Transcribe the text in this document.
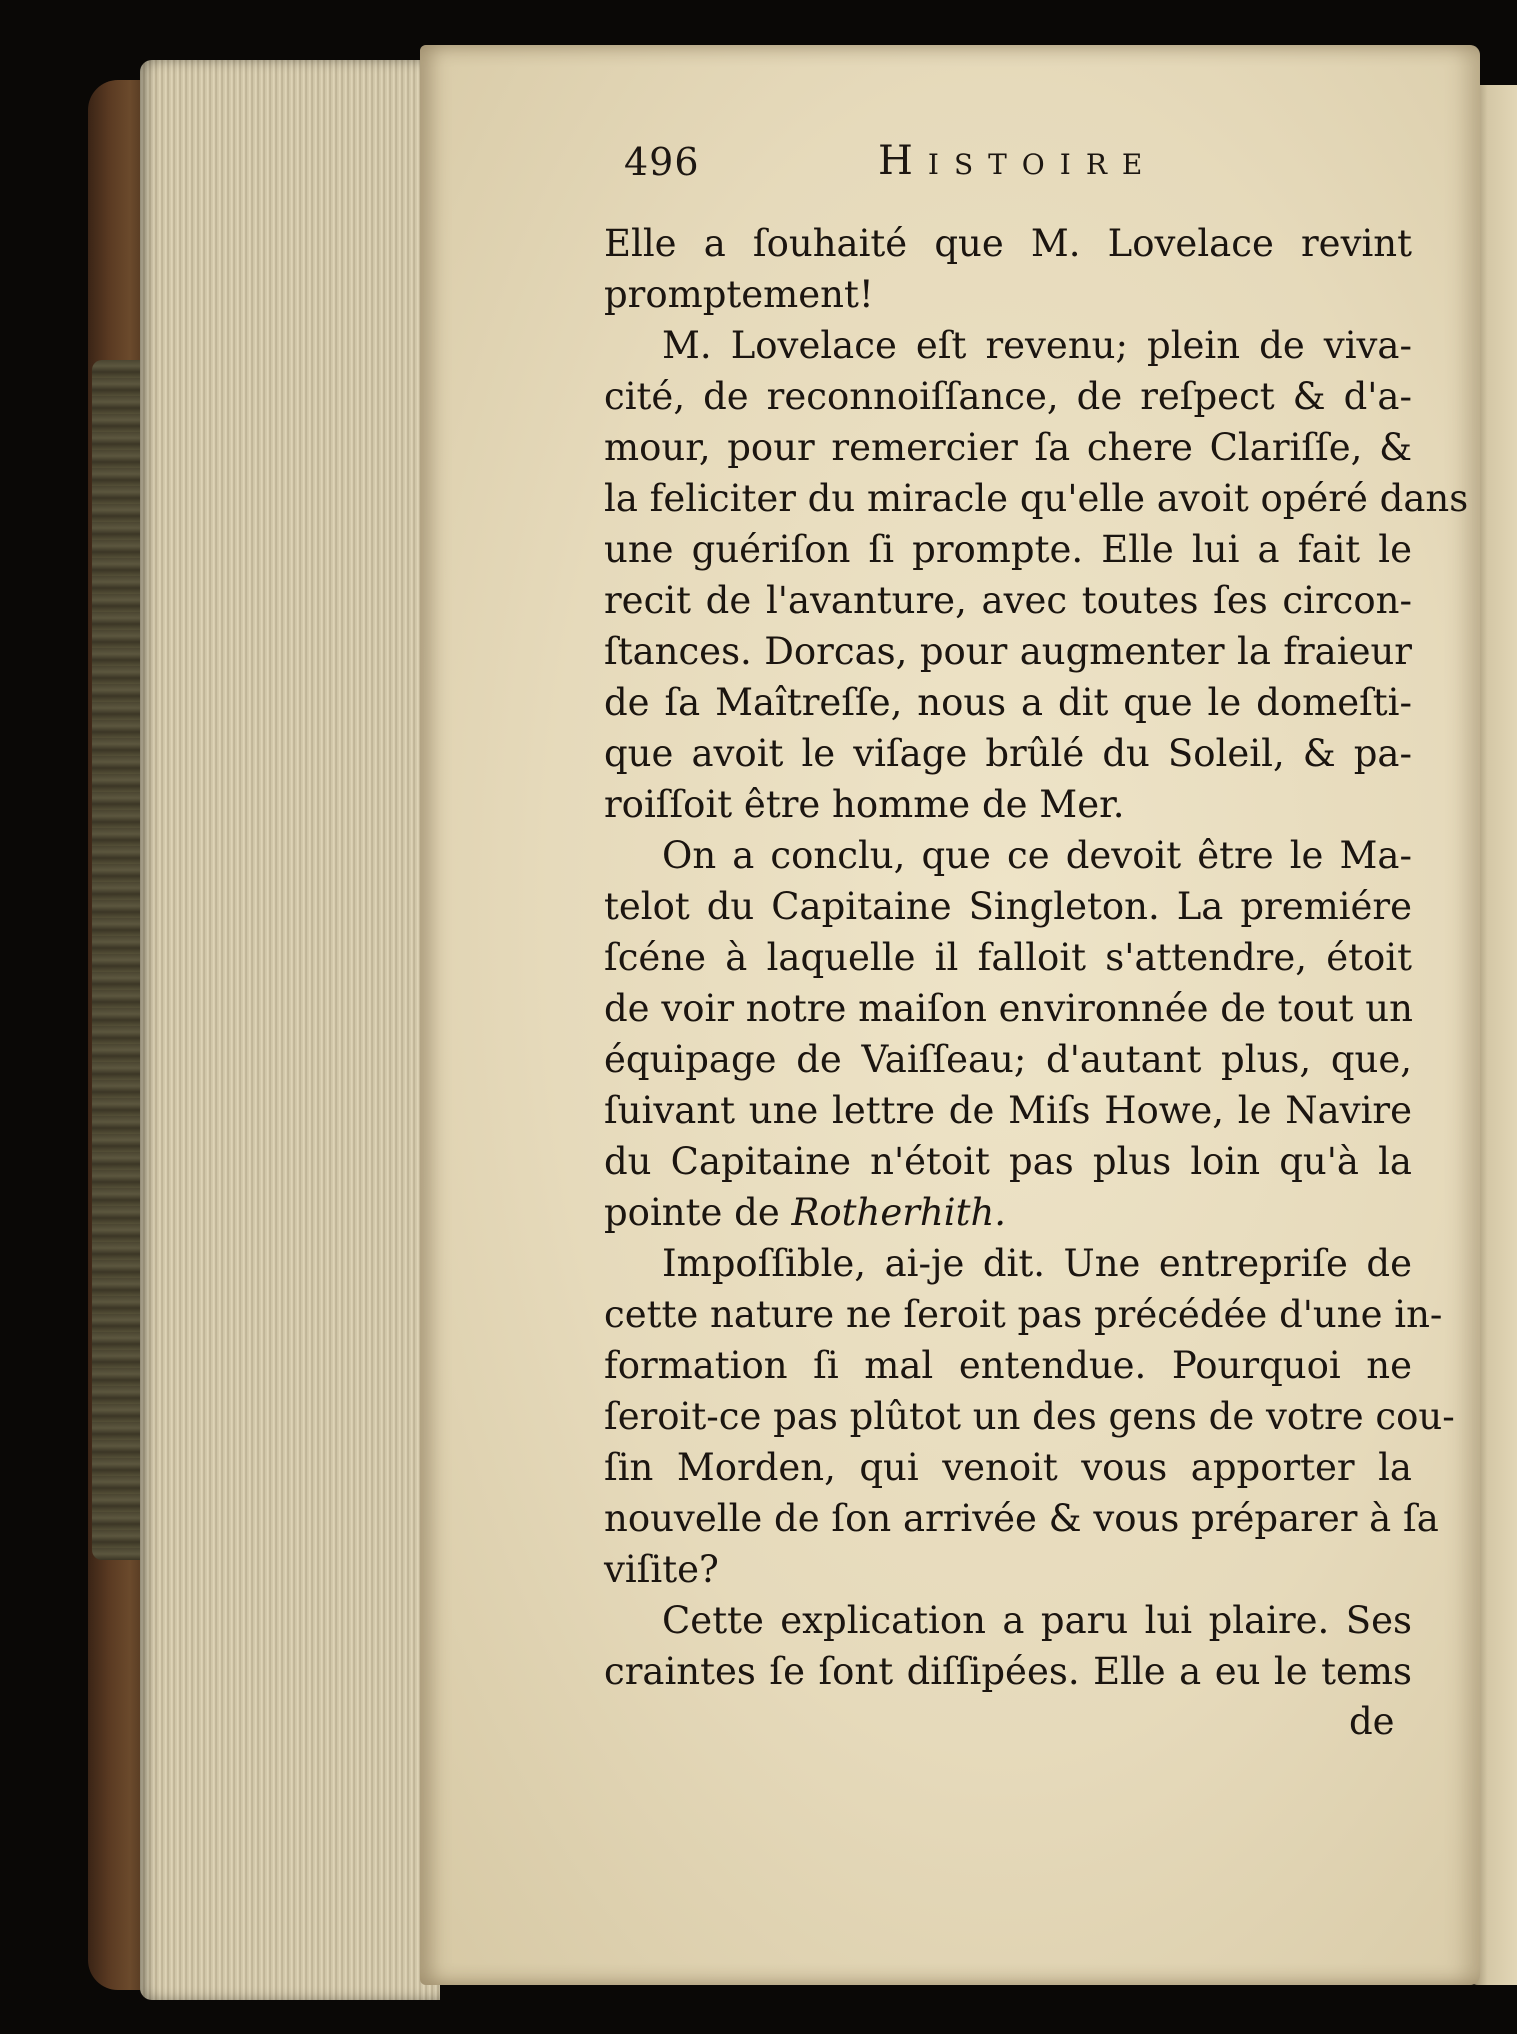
496	Histoire
Elle a ſouhaité que M. Lovelace revint
promptement!
M. Lovelace eſt revenu; plein de viva-
cité, de reconnoiſſance, de reſpect & d'a-
mour, pour remercier ſa chere Clariſſe, &
la feliciter du miracle qu'elle avoit opéré dans
une guériſon ſi prompte. Elle lui a fait le
recit de l'avanture, avec toutes ſes circon-
ſtances. Dorcas, pour augmenter la fraieur
de ſa Maîtreſſe, nous a dit que le domeſti-
que avoit le viſage brûlé du Soleil, & pa-
roiſſoit être homme de Mer.
On a conclu, que ce devoit être le Ma-
telot du Capitaine Singleton. La premiére
ſcéne à laquelle il falloit s'attendre, étoit
de voir notre maiſon environnée de tout un
équipage de Vaiſſeau; d'autant plus, que,
ſuivant une lettre de Miſs Howe, le Navire
du Capitaine n'étoit pas plus loin qu'à la
pointe de Rotherhith.
Impoſſible, ai-je dit. Une entrepriſe de
cette nature ne ſeroit pas précédée d'une in-
formation ſi mal entendue. Pourquoi ne
ſeroit-ce pas plûtot un des gens de votre cou-
ſin Morden, qui venoit vous apporter la
nouvelle de ſon arrivée & vous préparer à ſa
viſite?
Cette explication a paru lui plaire. Ses
craintes ſe ſont diſſipées. Elle a eu le tems
de
